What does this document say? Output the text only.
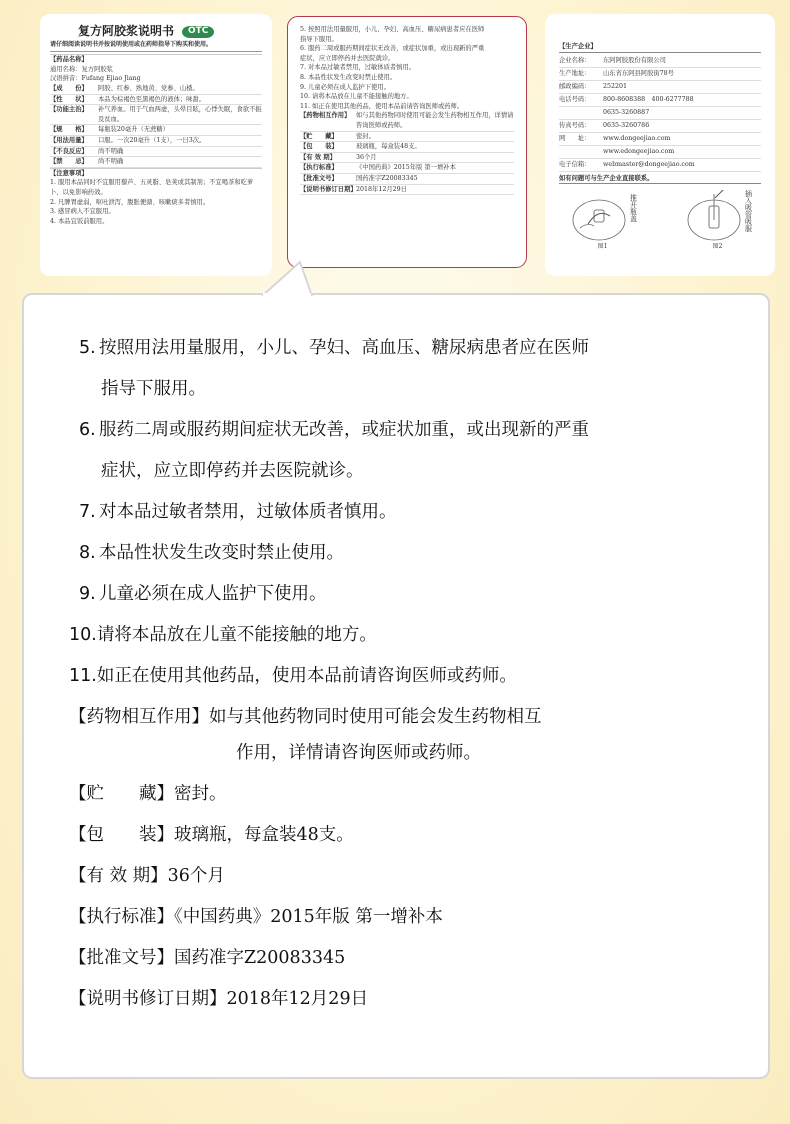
复方阿胶浆说明书	OTC
请仔细阅读说明书并按说明使用或在药师指导下购买和使用。
【药品名称】
通用名称：复方阿胶浆
汉语拼音：Fufang Ejiao Jiang
【成　　份】	阿胶、红参、熟地黄、党参、山楂。
【性　　状】	本品为棕褐色至黑褐色的液体；味甜。
【功能主治】	补气养血。用于气血两虚，头晕目眩，心悸失眠，食欲不振及贫血。
【规　　格】	每瓶装20毫升（无蔗糖）
【用法用量】	口服。一次20毫升（1支），一日3次。
【不良反应】	尚不明确
【禁　　忌】	尚不明确
【注意事项】
1. 服用本品同时不宜服用藜芦、五灵脂、皂荚或其制剂；不宜喝茶和吃萝卜，以免影响药效。
2. 凡脾胃虚弱，呕吐泄泻，腹胀便溏、咳嗽痰多者慎用。
3. 感冒病人不宜服用。
4. 本品宜饭前服用。
5. 按照用法用量服用，小儿、孕妇、高血压、糖尿病患者应在医师
指导下服用。
6. 服药二周或服药期间症状无改善，或症状加重，或出现新的严重
症状，应立即停药并去医院就诊。
7. 对本品过敏者禁用，过敏体质者慎用。
8. 本品性状发生改变时禁止使用。
9. 儿童必须在成人监护下使用。
10. 请将本品放在儿童不能接触的地方。
11. 如正在使用其他药品，使用本品前请咨询医师或药师。
【药物相互作用】 如与其他药物同时使用可能会发生药物相互作用，详情请咨询医师或药师。
【贮　　藏】	密封。
【包　　装】	玻璃瓶，每盒装48支。
【有 效 期】	36个月
【执行标准】	《中国药典》2015年版 第一增补本
【批准文号】	国药准字Z20083345
【说明书修订日期】 2018年12月29日
【生产企业】
企业名称：	东阿阿胶股份有限公司
生产地址：	山东省东阿县阿胶街78号
邮政编码：	252201
电话号码：	800-8608388　400-6277788
0635-3260887
传真号码：	0635-3260786
网　　址：	www.dongeejiao.com
www.edongeejiao.com
电子信箱：	webmaster@dongeejiao.com
如有问题可与生产企业直接联系。
推开瓶盖
图1
插入吸管吸服
图2
5. 按照用法用量服用，小儿、孕妇、高血压、糖尿病患者应在医师
指导下服用。
6. 服药二周或服药期间症状无改善，或症状加重，或出现新的严重
症状，应立即停药并去医院就诊。
7. 对本品过敏者禁用，过敏体质者慎用。
8. 本品性状发生改变时禁止使用。
9. 儿童必须在成人监护下使用。
10.请将本品放在儿童不能接触的地方。
11.如正在使用其他药品，使用本品前请咨询医师或药师。
【药物相互作用】如与其他药物同时使用可能会发生药物相互
作用，详情请咨询医师或药师。
【贮　　藏】密封。
【包　　装】玻璃瓶，每盒装48支。
【有 效 期】36个月
【执行标准】《中国药典》2015年版 第一增补本
【批准文号】国药准字Z20083345
【说明书修订日期】2018年12月29日
